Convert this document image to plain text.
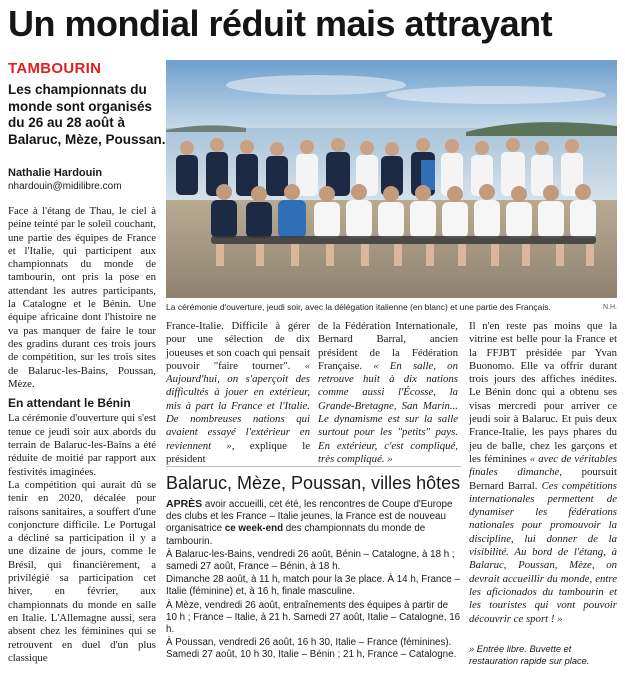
Un mondial réduit mais attrayant
TAMBOURIN
Les championnats du monde sont organisés du 26 au 28 août à Balaruc, Mèze, Poussan.
Nathalie Hardouin
nhardouin@midilibre.com
N.H.
La cérémonie d'ouverture, jeudi soir, avec la délégation italienne (en blanc) et une partie des Français.

Face à l'étang de Thau, le ciel à peine teinté par le soleil couchant, une partie des équipes de France et l'Italie, qui participent aux championnats du monde de tambourin, ont pris la pose en attendant les autres participants, la Catalogne et le Bénin. Une équipe africaine dont l'histoire ne va pas manquer de faire le tour des gradins durant ces trois jours de compétition, sur les trois sites de Balaruc-les-Bains, Poussan, Mèze.

En attendant le Bénin

La cérémonie d'ouverture qui s'est tenue ce jeudi soir aux abords du terrain de Balaruc-les-Bains a été réduite de moitié par rapport aux festivités imaginées.

La compétition qui aurait dû se tenir en 2020, décalée pour raisons sanitaires, a souffert d'une conjoncture difficile. Le Portugal a décliné sa participation il y a une dizaine de jours, comme le Brésil, qui financièrement, a privilégié sa participation cet hiver, en février, aux championnats du monde en salle en Italie. L'Allemagne aussi, sera absent chez les féminines qui se retrouvent en duel d'un plus classique

France-Italie. Difficile à gérer pour une sélection de dix joueuses et son coach qui pensait pouvoir "faire tourner". « Aujourd'hui, on s'aperçoit des difficultés à jouer en extérieur, mis à part la France et l'Italie. De nombreuses nations qui avaient essayé l'extérieur en reviennent », explique le président
de la Fédération Internationale, Bernard Barral, ancien président de la Fédération Française. « En salle, on retrouve huit à dix nations comme aussi l'Écosse, la Grande-Bretagne, San Marin... Le dynamisme est sur la salle surtout pour les "petits" pays. En extérieur, c'est compliqué, très compliqué. »
Il n'en reste pas moins que la vitrine est belle pour la France et la FFJBT présidée par Yvan Buonomo. Elle va offrir durant trois jours des affiches inédites. Le Bénin donc qui a obtenu ses visas mercredi pour arriver ce jeudi soir à Balaruc. Et puis deux France-Italie, les pays phares du jeu de balle, chez les garçons et les féminines « avec de véritables finales dimanche, poursuit Bernard Barral. Ces compétitions internationales permettent de dynamiser les fédérations nationales pour promouvoir la discipline, lui donner de la visibilité. Au bord de l'étang, à Balaruc, Poussan, Mèze, on devrait accueillir du monde, entre les aficionados du tambourin et les touristes qui vont pouvoir découvrir ce sport ! »
Balaruc, Mèze, Poussan, villes hôtes

APRÈS avoir accueilli, cet été, les rencontres de Coupe d'Europe des clubs et les France – Italie jeunes, la France est de nouveau organisatrice ce week-end des championnats du monde de tambourin.

À Balaruc-les-Bains, vendredi 26 août, Bénin – Catalogne, à 18 h ; samedi 27 août, France – Bénin, à 18 h.

Dimanche 28 août, à 11 h, match pour la 3e place. À 14 h, France – Italie (féminine) et, à 16 h, finale masculine.

À Mèze, vendredi 26 août, entraînements des équipes à partir de 10 h ; France – Italie, à 21 h. Samedi 27 août, Italie – Catalogne, 16 h.

À Poussan, vendredi 26 août, 16 h 30, Italie – France (féminines). Samedi 27 août, 10 h 30, Italie – Bénin ; 21 h, France – Catalogne.

» Entrée libre. Buvette et restauration rapide sur place.
